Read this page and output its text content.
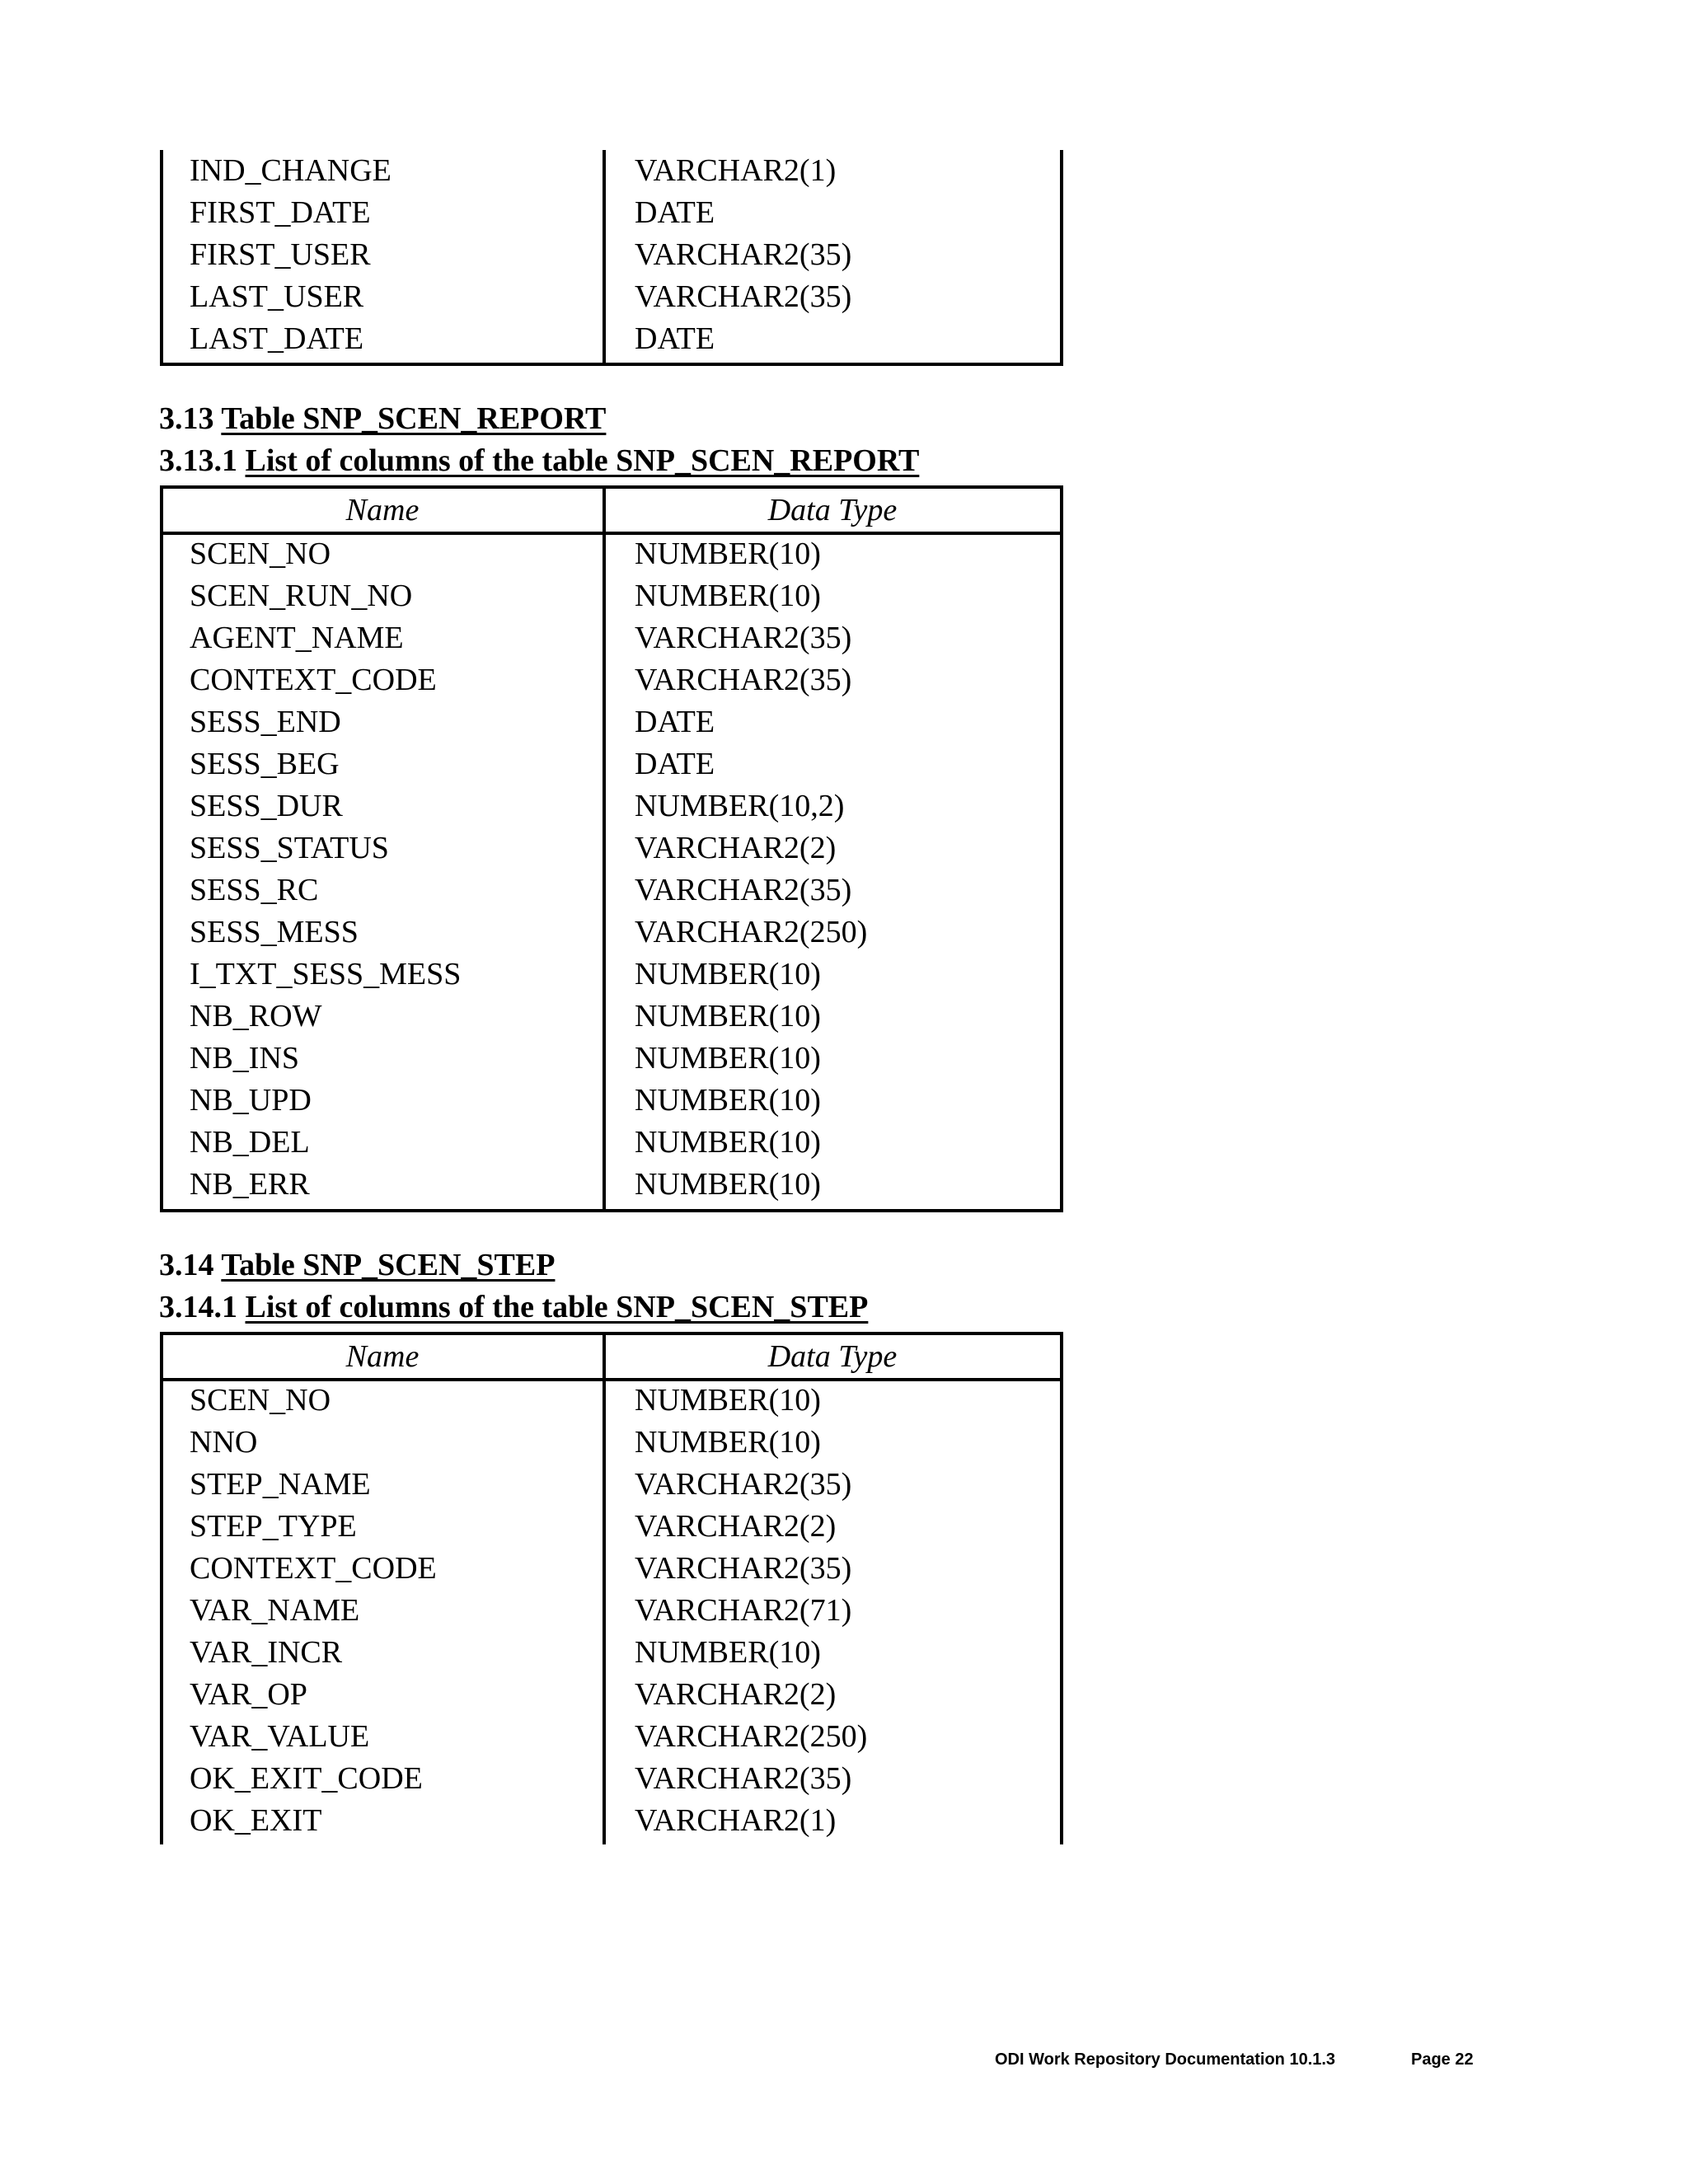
IND_CHANGE	VARCHAR2(1)
FIRST_DATE	DATE
FIRST_USER	VARCHAR2(35)
LAST_USER	VARCHAR2(35)
LAST_DATE	DATE
3.13 Table SNP_SCEN_REPORT
3.13.1 List of columns of the table SNP_SCEN_REPORT
Name	Data Type
SCEN_NO	NUMBER(10)
SCEN_RUN_NO	NUMBER(10)
AGENT_NAME	VARCHAR2(35)
CONTEXT_CODE	VARCHAR2(35)
SESS_END	DATE
SESS_BEG	DATE
SESS_DUR	NUMBER(10,2)
SESS_STATUS	VARCHAR2(2)
SESS_RC	VARCHAR2(35)
SESS_MESS	VARCHAR2(250)
I_TXT_SESS_MESS	NUMBER(10)
NB_ROW	NUMBER(10)
NB_INS	NUMBER(10)
NB_UPD	NUMBER(10)
NB_DEL	NUMBER(10)
NB_ERR	NUMBER(10)
3.14 Table SNP_SCEN_STEP
3.14.1 List of columns of the table SNP_SCEN_STEP
Name	Data Type
SCEN_NO	NUMBER(10)
NNO	NUMBER(10)
STEP_NAME	VARCHAR2(35)
STEP_TYPE	VARCHAR2(2)
CONTEXT_CODE	VARCHAR2(35)
VAR_NAME	VARCHAR2(71)
VAR_INCR	NUMBER(10)
VAR_OP	VARCHAR2(2)
VAR_VALUE	VARCHAR2(250)
OK_EXIT_CODE	VARCHAR2(35)
OK_EXIT	VARCHAR2(1)
ODI Work Repository Documentation 10.1.3	Page 22
